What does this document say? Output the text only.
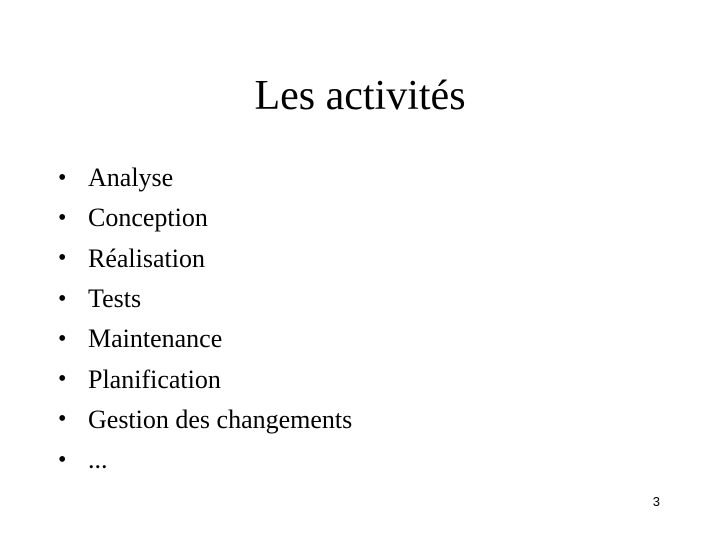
Les activités
• Analyse
• Conception
• Réalisation
• Tests
• Maintenance
• Planification
• Gestion des changements
• ...
3
